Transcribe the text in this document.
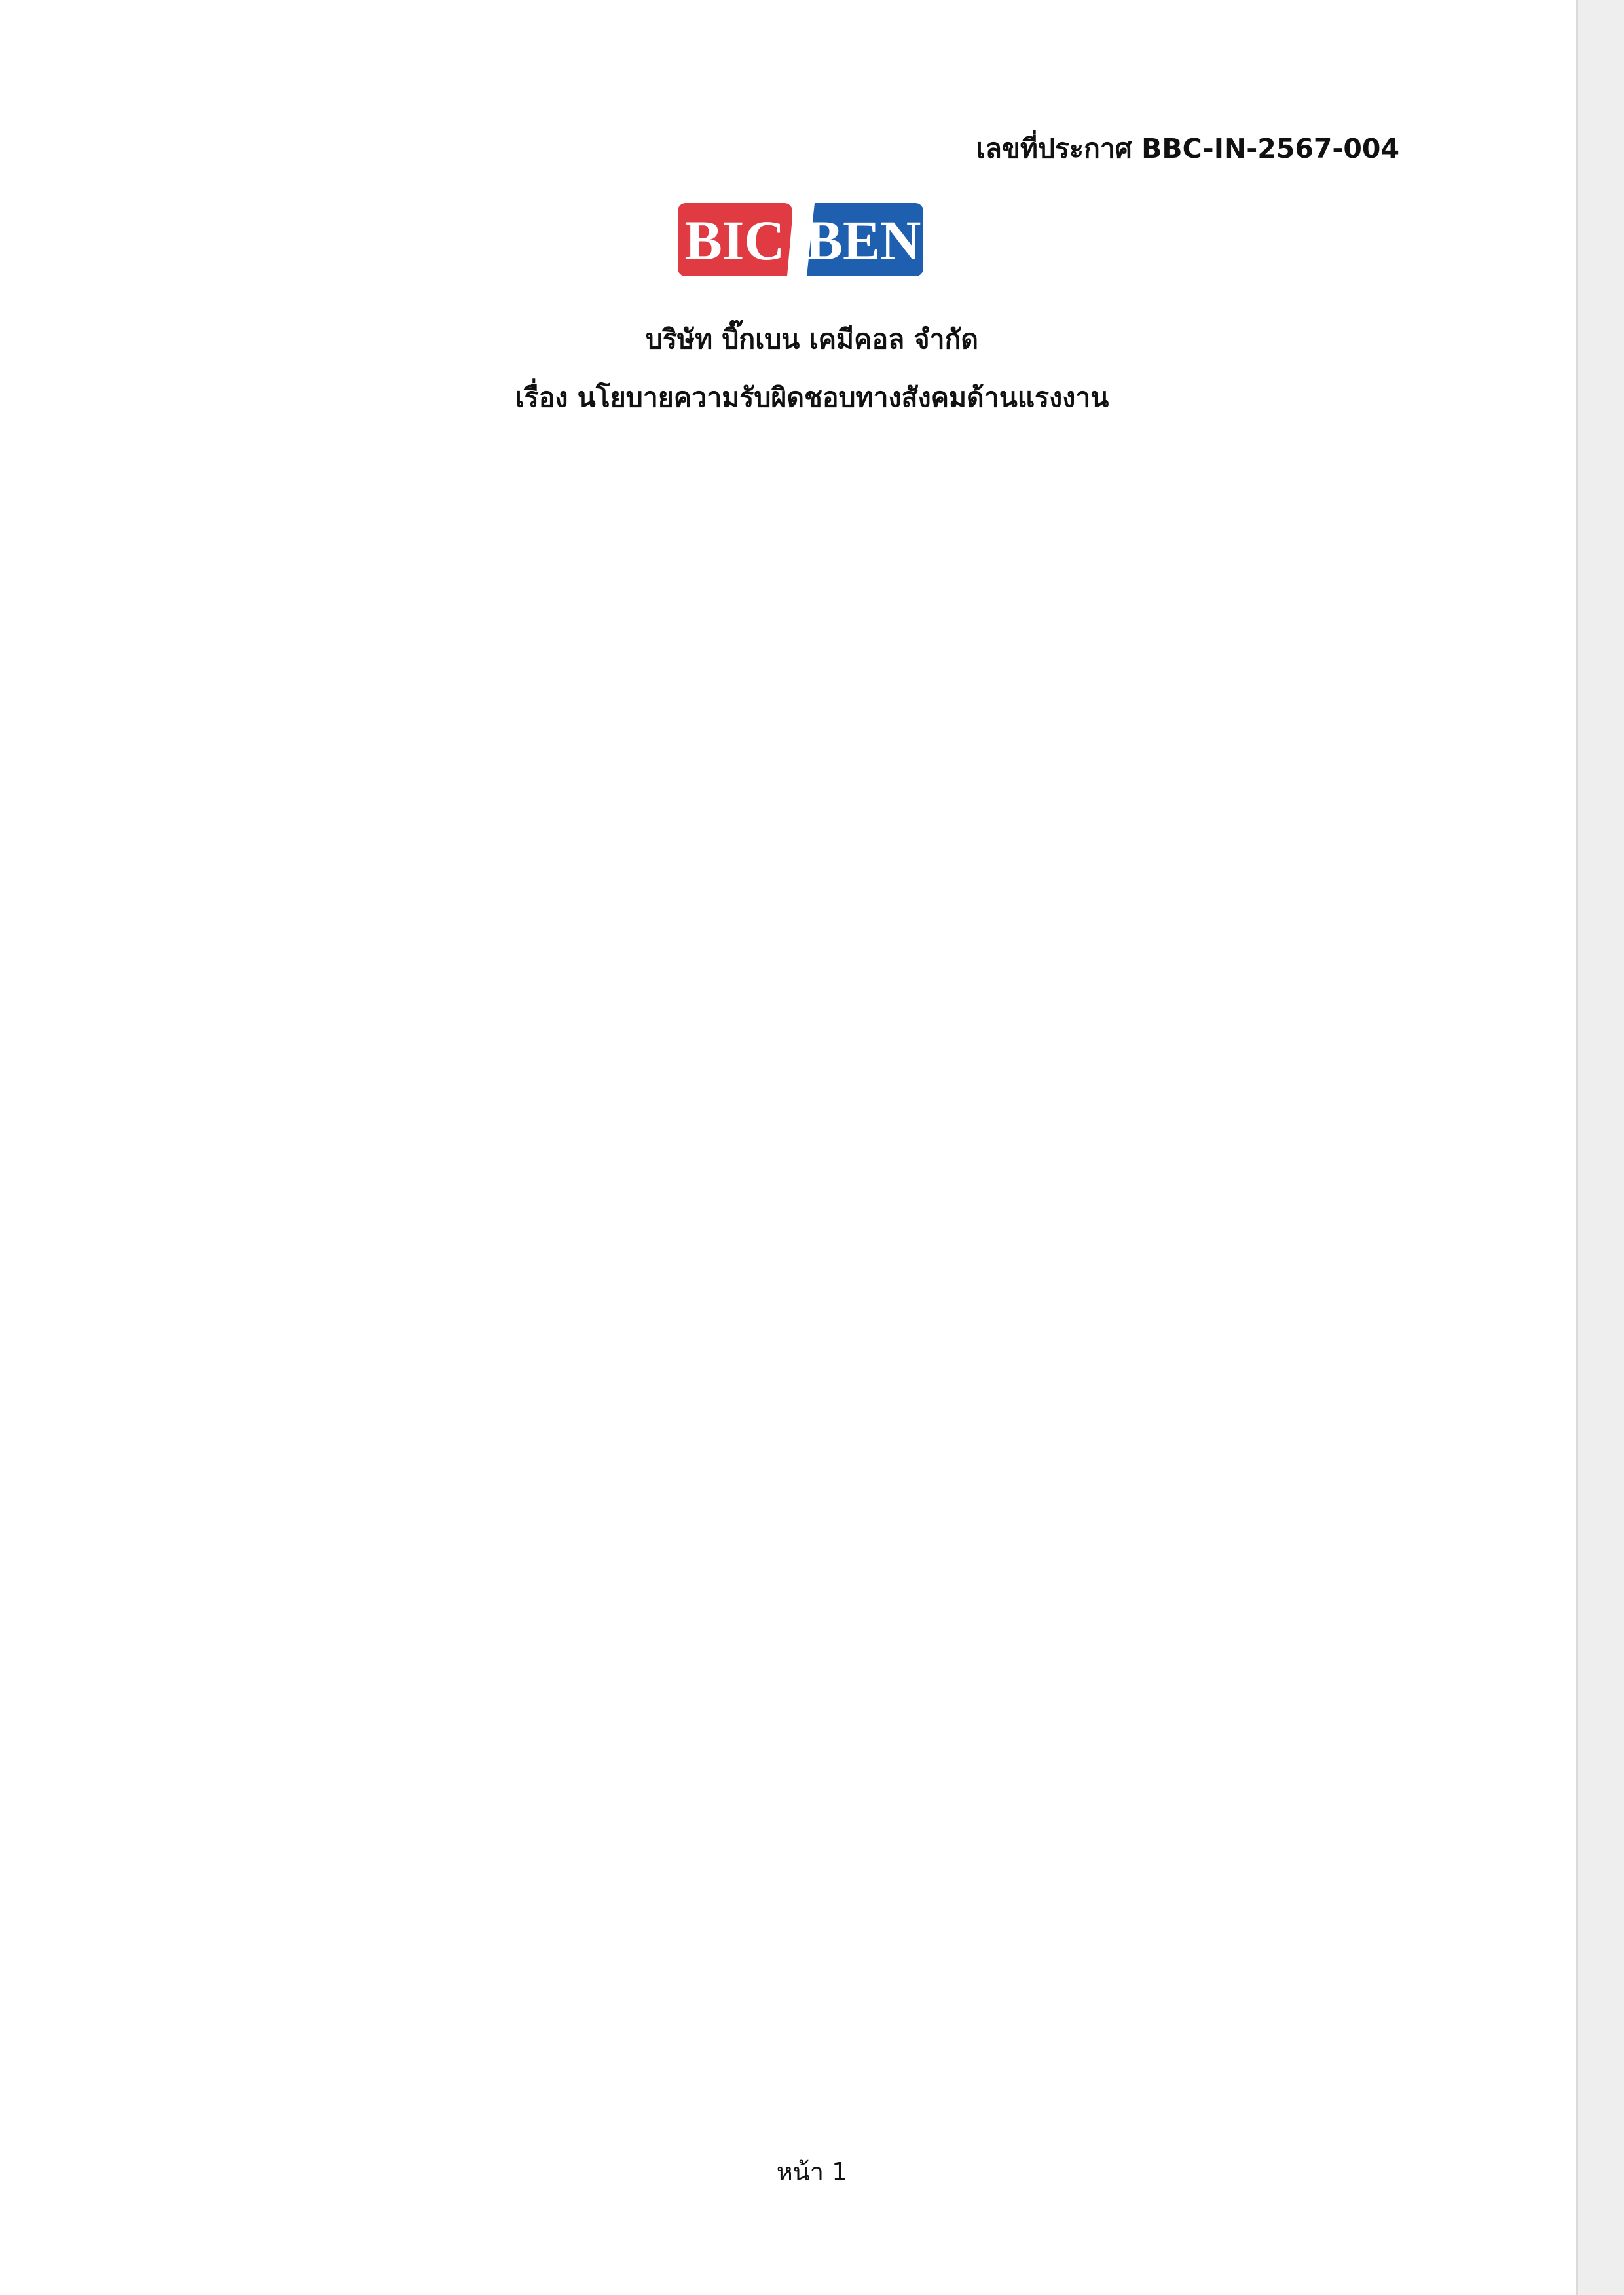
เลขที่ประกาศ BBC-IN-2567-004
BIC BEN
บริษัท บิ๊กเบน เคมีคอล จำกัด
เรื่อง นโยบายความรับผิดชอบทางสังคมด้านแรงงาน
หน้า 1
